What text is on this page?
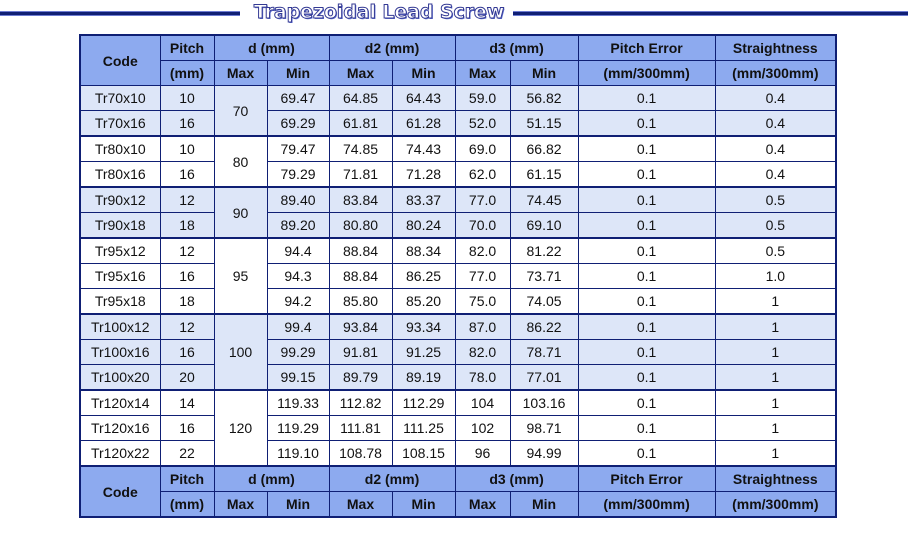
Trapezoidal Lead Screw
Code	Pitch	d (mm)		d2 (mm)		d3 (mm)		Pitch Error	Straightness
	(mm)	Max	Min	Max	Min	Max	Min	(mm/300mm)	(mm/300mm)
Tr70x10	10	70	69.47	64.85	64.43	59.0	56.82	0.1	0.4
Tr70x16	16		69.29	61.81	61.28	52.0	51.15	0.1	0.4
Tr80x10	10	80	79.47	74.85	74.43	69.0	66.82	0.1	0.4
Tr80x16	16		79.29	71.81	71.28	62.0	61.15	0.1	0.4
Tr90x12	12	90	89.40	83.84	83.37	77.0	74.45	0.1	0.5
Tr90x18	18		89.20	80.80	80.24	70.0	69.10	0.1	0.5
Tr95x12	12	95	94.4	88.84	88.34	82.0	81.22	0.1	0.5
Tr95x16	16		94.3	88.84	86.25	77.0	73.71	0.1	1.0
Tr95x18	18		94.2	85.80	85.20	75.0	74.05	0.1	1
Tr100x12	12	100	99.4	93.84	93.34	87.0	86.22	0.1	1
Tr100x16	16		99.29	91.81	91.25	82.0	78.71	0.1	1
Tr100x20	20		99.15	89.79	89.19	78.0	77.01	0.1	1
Tr120x14	14	120	119.33	112.82	112.29	104	103.16	0.1	1
Tr120x16	16		119.29	111.81	111.25	102	98.71	0.1	1
Tr120x22	22		119.10	108.78	108.15	96	94.99	0.1	1
Code	Pitch	d (mm)		d2 (mm)		d3 (mm)		Pitch Error	Straightness
	(mm)	Max	Min	Max	Min	Max	Min	(mm/300mm)	(mm/300mm)
